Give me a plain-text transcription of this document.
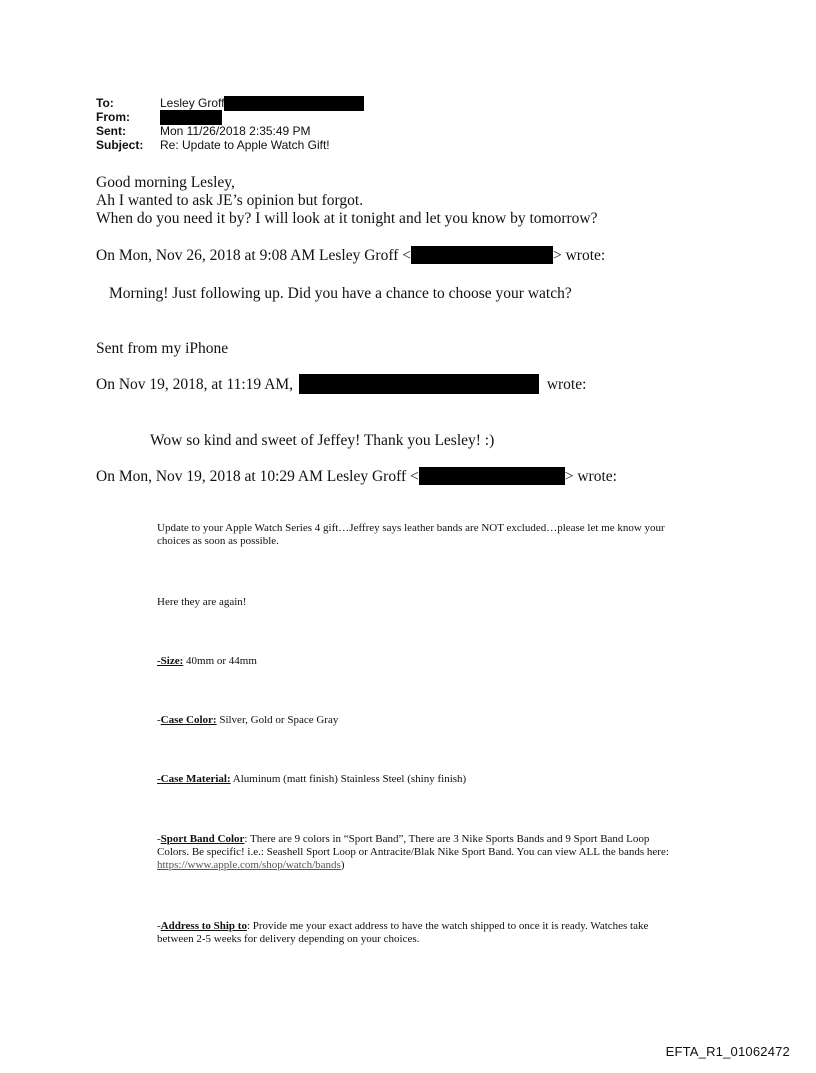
To:	Lesley Groff
From:
Sent:	Mon 11/26/2018 2:35:49 PM
Subject:	Re: Update to Apple Watch Gift!

Good morning Lesley,

Ah I wanted to ask JE’s opinion but forgot.

When do you need it by? I will look at it tonight and let you know by tomorrow?

On Mon, Nov 26, 2018 at 9:08 AM Lesley Groff <	> wrote:

Morning! Just following up. Did you have a chance to choose your watch?

Sent from my iPhone

On Nov 19, 2018, at 11:19 AM,	wrote:

Wow so kind and sweet of Jeffey! Thank you Lesley! :)

On Mon, Nov 19, 2018 at 10:29 AM Lesley Groff <	> wrote:

Update to your Apple Watch Series 4 gift…Jeffrey says leather bands are NOT excluded…please let me know your choices as soon as possible.

Here they are again!

-Size: 40mm or 44mm

-Case Color: Silver, Gold or Space Gray

-Case Material: Aluminum (matt finish) Stainless Steel (shiny finish)

-Sport Band Color: There are 9 colors in “Sport Band”, There are 3 Nike Sports Bands and 9 Sport Band Loop Colors. Be specific! i.e.: Seashell Sport Loop or Antracite/Blak Nike Sport Band. You can view ALL the bands here: https://www.apple.com/shop/watch/bands)

-Address to Ship to: Provide me your exact address to have the watch shipped to once it is ready. Watches take between 2-5 weeks for delivery depending on your choices.

EFTA_R1_01062472
